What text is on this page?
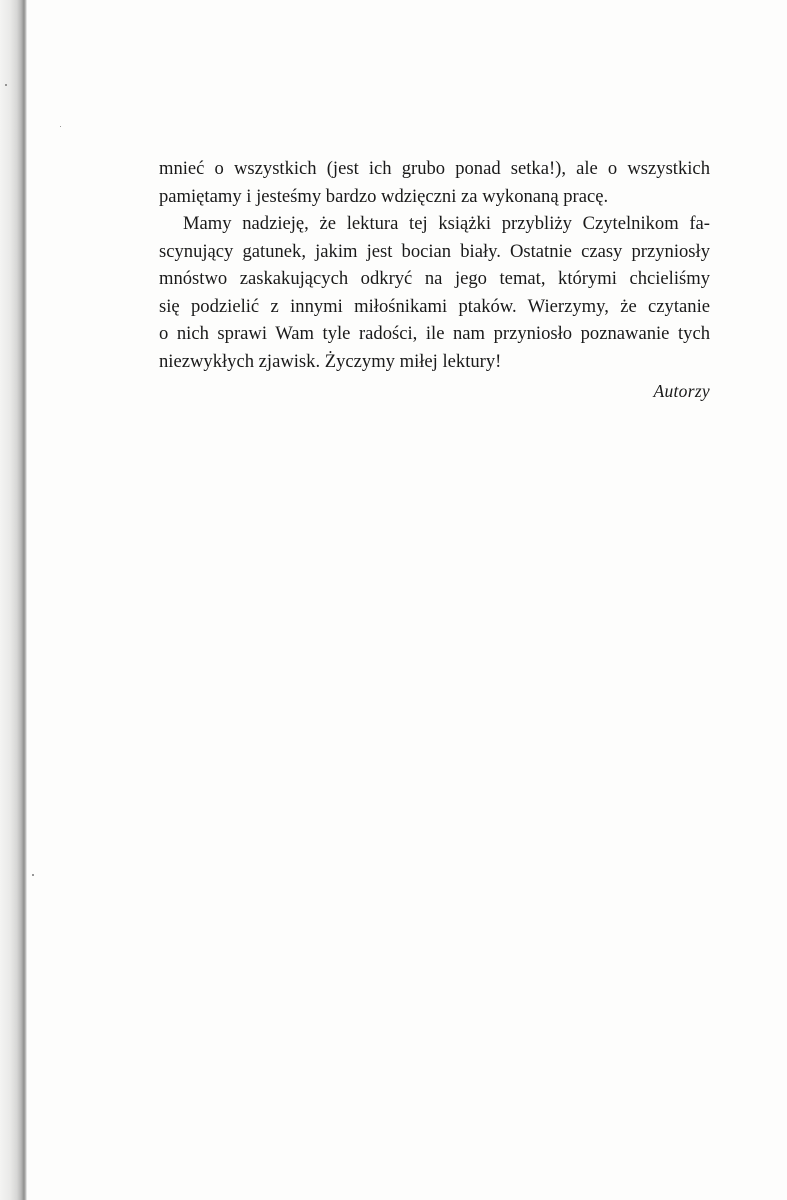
mnieć o wszystkich (jest ich grubo ponad setka!), ale o wszystkich
pamiętamy i jesteśmy bardzo wdzięczni za wykonaną pracę.
Mamy nadzieję, że lektura tej książki przybliży Czytelnikom fa-
scynujący gatunek, jakim jest bocian biały. Ostatnie czasy przyniosły
mnóstwo zaskakujących odkryć na jego temat, którymi chcieliśmy
się podzielić z innymi miłośnikami ptaków. Wierzymy, że czytanie
o nich sprawi Wam tyle radości, ile nam przyniosło poznawanie tych
niezwykłych zjawisk. Życzymy miłej lektury!
Autorzy
